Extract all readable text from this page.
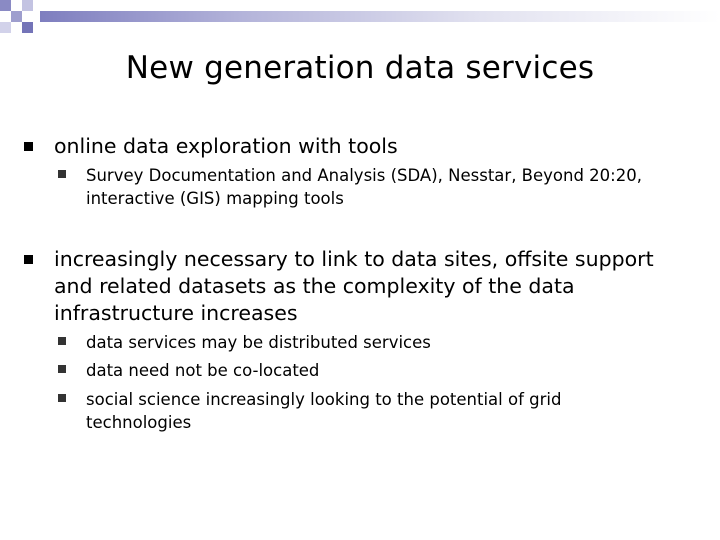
New generation data services
online data exploration with tools
Survey Documentation and Analysis (SDA), Nesstar, Beyond 20:20, interactive (GIS) mapping tools
increasingly necessary to link to data sites, offsite support and related datasets as the complexity of the data infrastructure increases
data services may be distributed services
data need not be co-located
social science increasingly looking to the potential of grid technologies
